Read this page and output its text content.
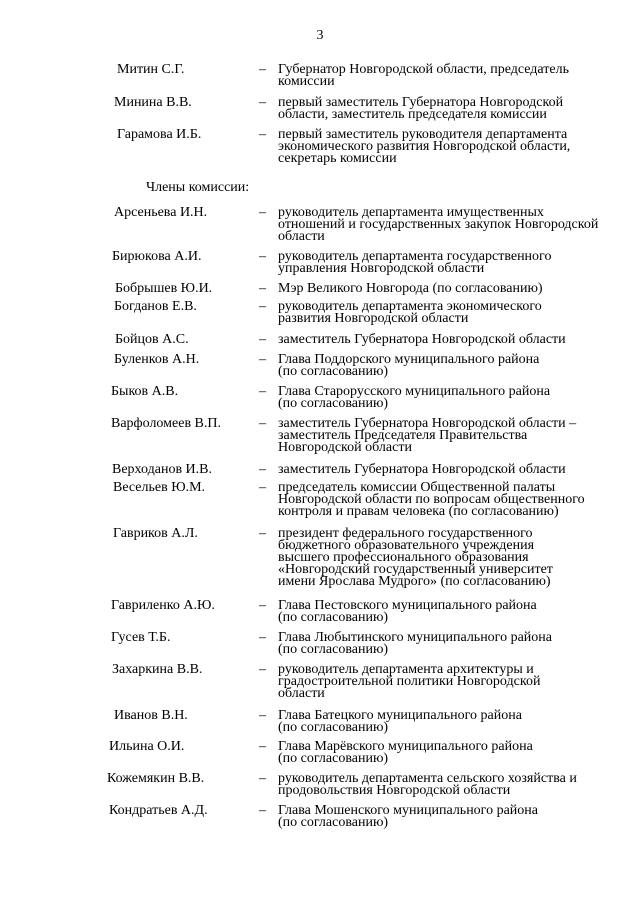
3
Члены комиссии:
Митин С.Г.	– Губернатор Новгородской области, председатель
комиссии
Минина В.В.	– первый заместитель Губернатора Новгородской
области, заместитель председателя комиссии
Гарамова И.Б.	– первый заместитель руководителя департамента
экономического развития Новгородской области,
секретарь комиссии
Арсеньева И.Н.	– руководитель департамента имущественных
отношений и государственных закупок Новгородской
области
Бирюкова А.И.	– руководитель департамента государственного
управления Новгородской области
Бобрышев Ю.И.	– Мэр Великого Новгорода (по согласованию)
Богданов Е.В.	– руководитель департамента экономического
развития Новгородской области
Бойцов А.С.	– заместитель Губернатора Новгородской области
Буленков А.Н.	– Глава Поддорского муниципального района
(по согласованию)
Быков А.В.	– Глава Старорусского муниципального района
(по согласованию)
Варфоломеев В.П.	– заместитель Губернатора Новгородской области –
заместитель Председателя Правительства
Новгородской области
Верходанов И.В.	– заместитель Губернатора Новгородской области
Весельев Ю.М.	– председатель комиссии Общественной палаты
Новгородской области по вопросам общественного
контроля и правам человека (по согласованию)
Гавриков А.Л.	– президент федерального государственного
бюджетного образовательного учреждения
высшего профессионального образования
«Новгородский государственный университет
имени Ярослава Мудрого» (по согласованию)
Гавриленко А.Ю.	– Глава Пестовского муниципального района
(по согласованию)
Гусев Т.Б.	– Глава Любытинского муниципального района
(по согласованию)
Захаркина В.В.	– руководитель департамента архитектуры и
градостроительной политики Новгородской
области
Иванов В.Н.	– Глава Батецкого муниципального района
(по согласованию)
Ильина О.И.	– Глава Марёвского муниципального района
(по согласованию)
Кожемякин В.В.	– руководитель департамента сельского хозяйства и
продовольствия Новгородской области
Кондратьев А.Д.	– Глава Мошенского муниципального района
(по согласованию)
